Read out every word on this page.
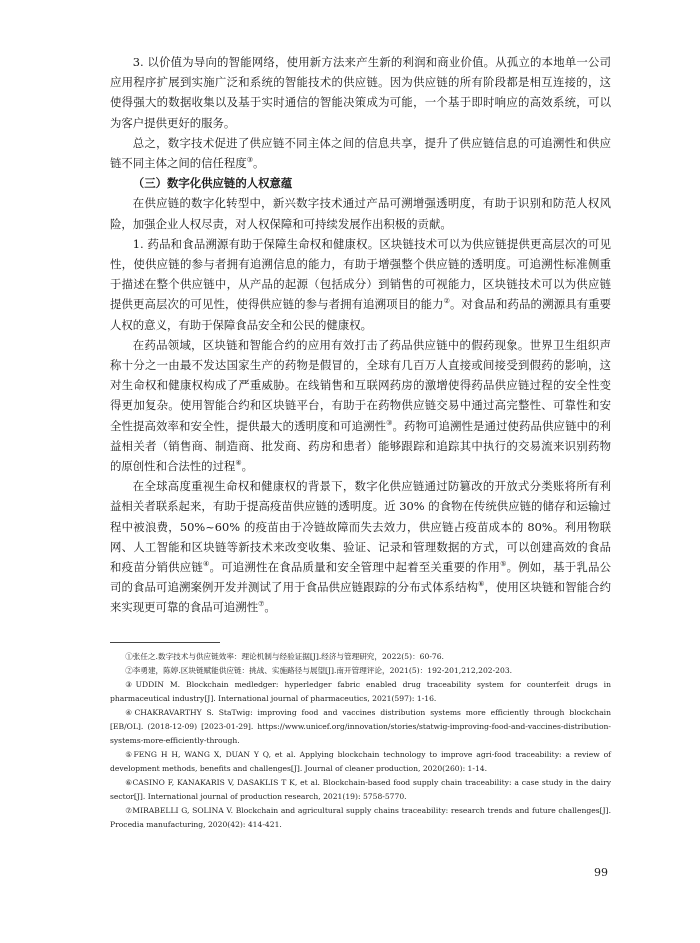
3. 以价值为导向的智能网络，使用新方法来产生新的利润和商业价值。从孤立的本地单一公司应用程序扩展到实施广泛和系统的智能技术的供应链。因为供应链的所有阶段都是相互连接的，这使得强大的数据收集以及基于实时通信的智能决策成为可能，一个基于即时响应的高效系统，可以为客户提供更好的服务。

总之，数字技术促进了供应链不同主体之间的信息共享，提升了供应链信息的可追溯性和供应链不同主体之间的信任程度③。

（三）数字化供应链的人权意蕴

在供应链的数字化转型中，新兴数字技术通过产品可溯增强透明度，有助于识别和防范人权风险，加强企业人权尽责，对人权保障和可持续发展作出积极的贡献。

1. 药品和食品溯源有助于保障生命权和健康权。区块链技术可以为供应链提供更高层次的可见性，使供应链的参与者拥有追溯信息的能力，有助于增强整个供应链的透明度。可追溯性标准侧重于描述在整个供应链中，从产品的起源（包括成分）到销售的可视能力，区块链技术可以为供应链提供更高层次的可见性，使得供应链的参与者拥有追溯项目的能力②。对食品和药品的溯源具有重要人权的意义，有助于保障食品安全和公民的健康权。

在药品领域，区块链和智能合约的应用有效打击了药品供应链中的假药现象。世界卫生组织声称十分之一由最不发达国家生产的药物是假冒的，全球有几百万人直接或间接受到假药的影响，这对生命权和健康权构成了严重威胁。在线销售和互联网药房的激增使得药品供应链过程的安全性变得更加复杂。使用智能合约和区块链平台，有助于在药物供应链交易中通过高完整性、可靠性和安全性提高效率和安全性，提供最大的透明度和可追溯性③。药物可追溯性是通过使药品供应链中的利益相关者（销售商、制造商、批发商、药房和患者）能够跟踪和追踪其中执行的交易流来识别药物的原创性和合法性的过程④。

在全球高度重视生命权和健康权的背景下，数字化供应链通过防篡改的开放式分类账将所有利益相关者联系起来，有助于提高疫苗供应链的透明度。近 30% 的食物在传统供应链的储存和运输过程中被浪费，50%~60% 的疫苗由于冷链故障而失去效力，供应链占疫苗成本的 80%。利用物联网、人工智能和区块链等新技术来改变收集、验证、记录和管理数据的方式，可以创建高效的食品和疫苗分销供应链④。可追溯性在食品质量和安全管理中起着至关重要的作用⑤。例如，基于乳品公司的食品可追溯案例开发并测试了用于食品供应链跟踪的分布式体系结构⑥，使用区块链和智能合约来实现更可靠的食品可追溯性⑦。

①张任之.数字技术与供应链效率：理论机制与经验证据[J].经济与管理研究，2022(5)：60-76.

②李勇建，陈婷.区块链赋能供应链：挑战、实施路径与展望[J].南开管理评论，2021(5)：192-201,212,202-203.

③UDDIN M. Blockchain medledger: hyperledger fabric enabled drug traceability system for counterfeit drugs in pharmaceutical industry[J]. International journal of pharmaceutics, 2021(597): 1-16.

④CHAKRAVARTHY S. StaTwig: improving food and vaccines distribution systems more efficiently through blockchain [EB/OL]. (2018-12-09) [2023-01-29]. https://www.unicef.org/innovation/stories/statwig-improving-food-and-vaccines-distribution-systems-more-efficiently-through.

⑤FENG H H, WANG X, DUAN Y Q, et al. Applying blockchain technology to improve agri-food traceability: a review of development methods, benefits and challenges[J]. Journal of cleaner production, 2020(260): 1-14.

⑥CASINO F, KANAKARIS V, DASAKLIS T K, et al. Blockchain-based food supply chain traceability: a case study in the dairy sector[J]. International journal of production research, 2021(19): 5758-5770.

⑦MIRABELLI G, SOLINA V. Blockchain and agricultural supply chains traceability: research trends and future challenges[J]. Procedia manufacturing, 2020(42): 414-421.

99
